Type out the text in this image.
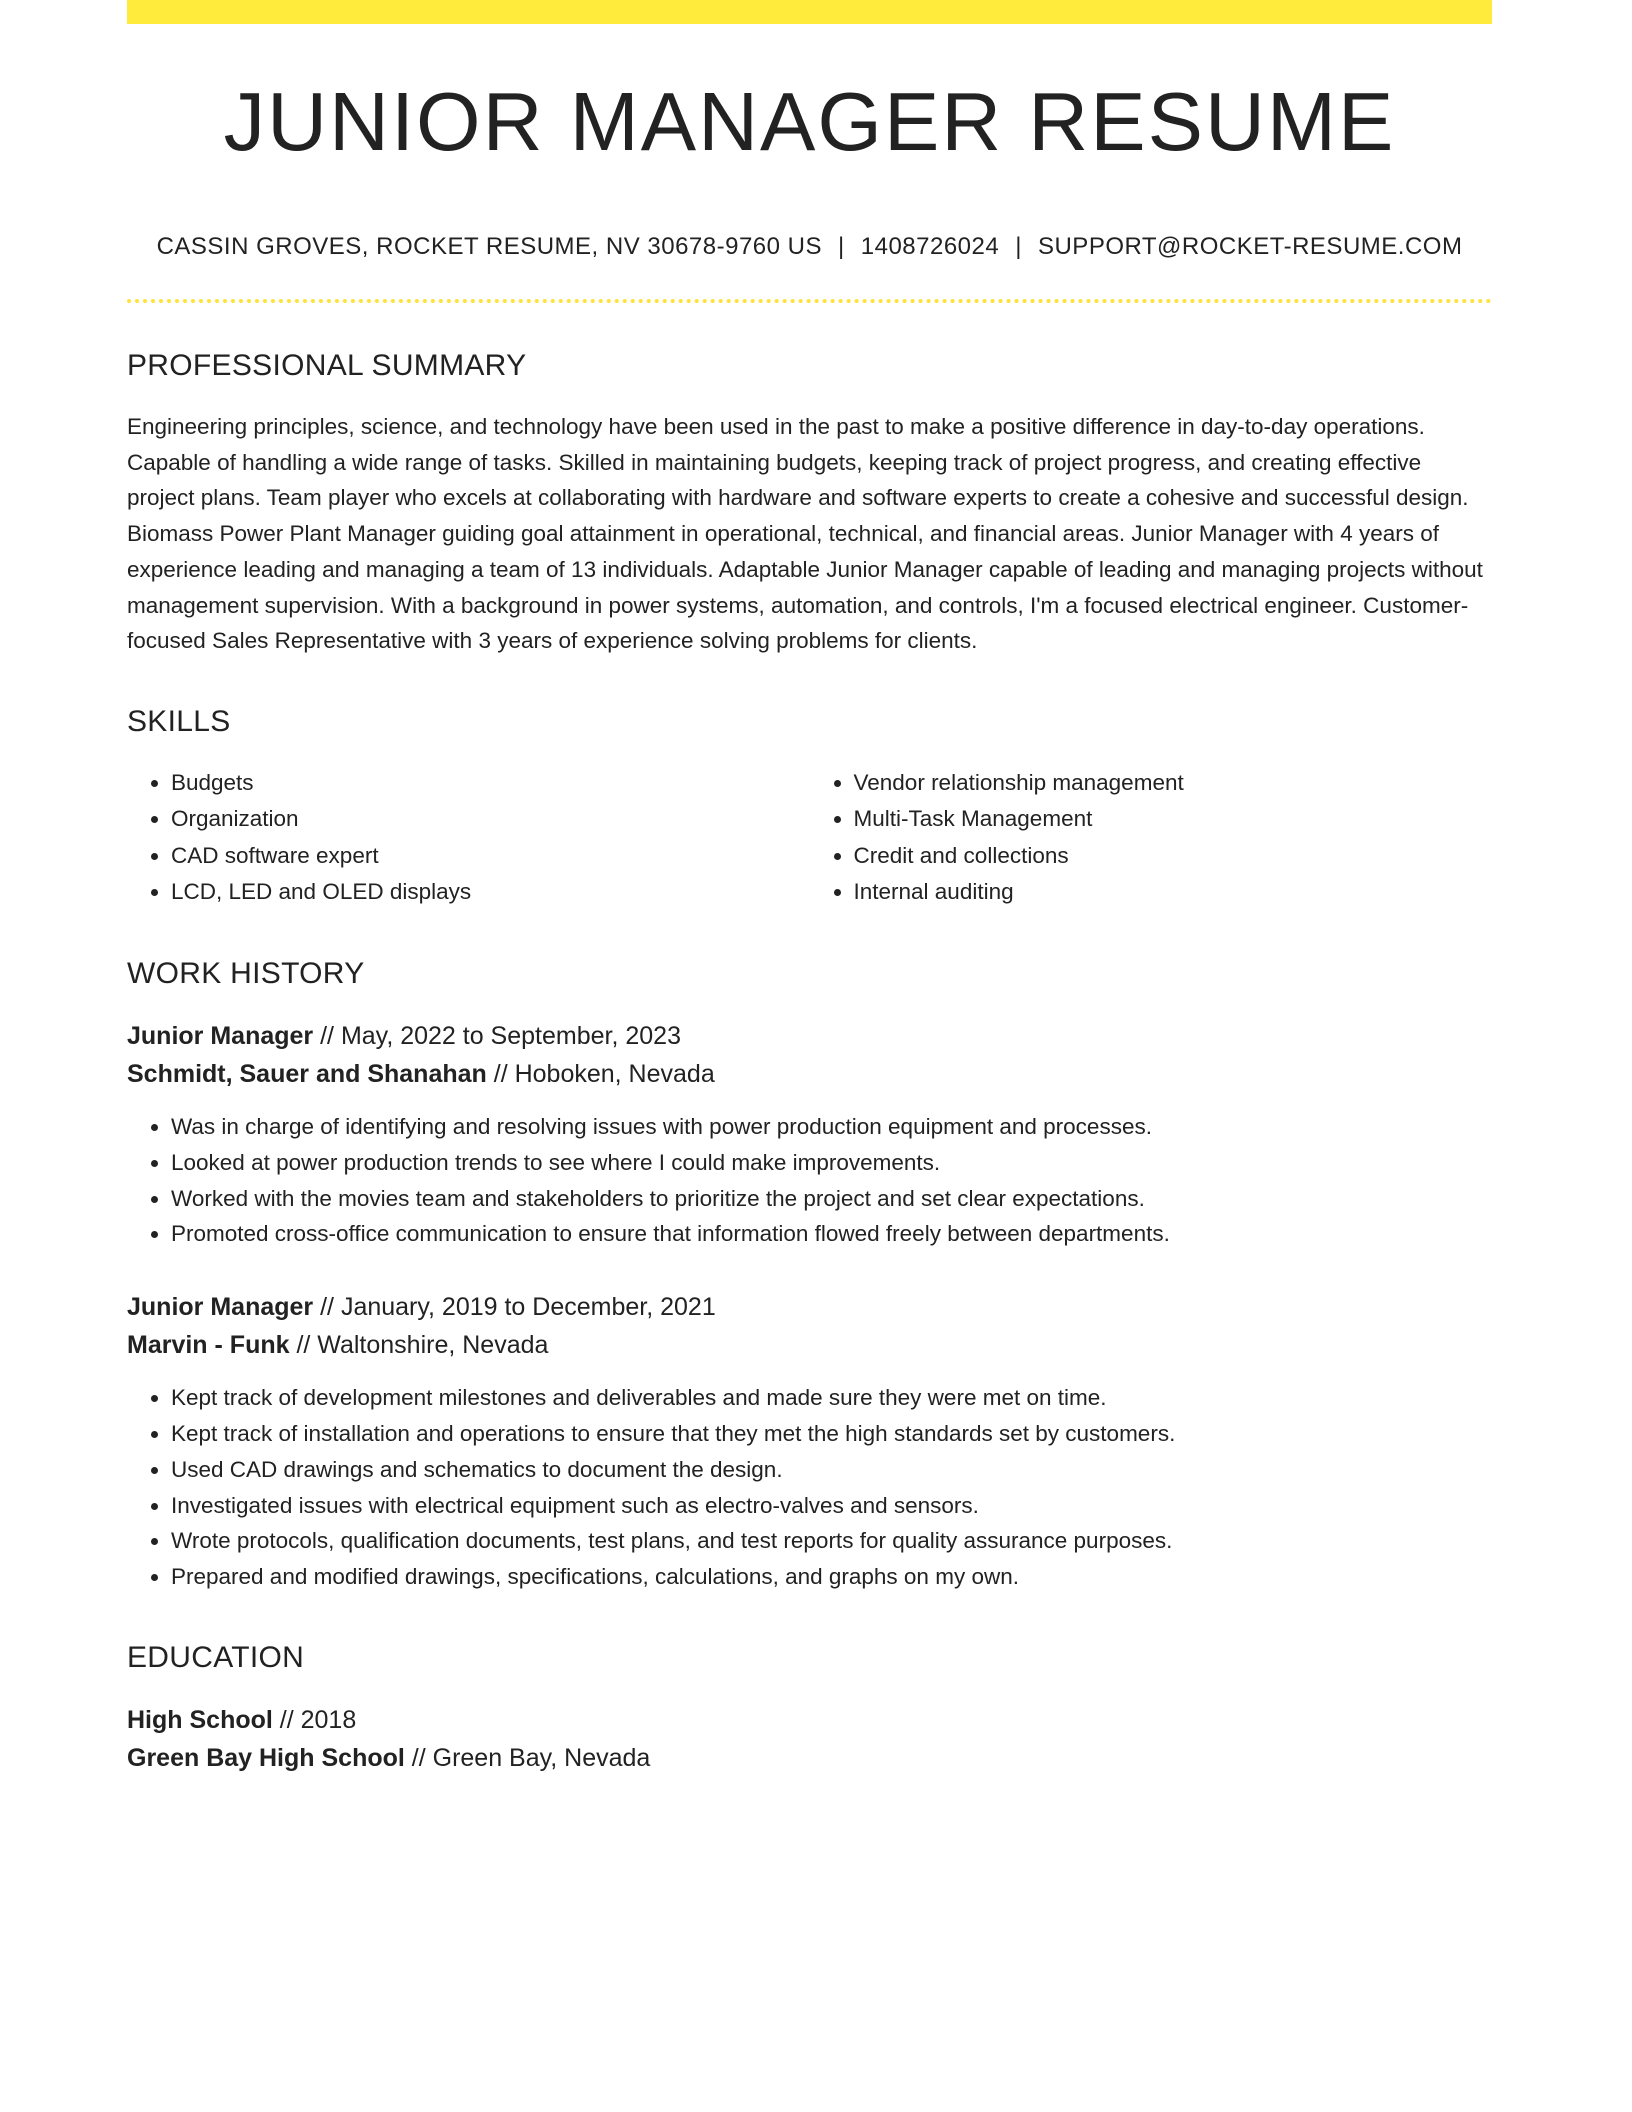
JUNIOR MANAGER RESUME
CASSIN GROVES, ROCKET RESUME, NV 30678-9760 US | 1408726024 | SUPPORT@ROCKET-RESUME.COM
PROFESSIONAL SUMMARY

Engineering principles, science, and technology have been used in the past to make a positive difference in day-to-day operations. Capable of handling a wide range of tasks. Skilled in maintaining budgets, keeping track of project progress, and creating effective project plans. Team player who excels at collaborating with hardware and software experts to create a cohesive and successful design. Biomass Power Plant Manager guiding goal attainment in operational, technical, and financial areas. Junior Manager with 4 years of experience leading and managing a team of 13 individuals. Adaptable Junior Manager capable of leading and managing projects without management supervision. With a background in power systems, automation, and controls, I'm a focused electrical engineer. Customer-focused Sales Representative with 3 years of experience solving problems for clients.

SKILLS
• Budgets
• Organization
• CAD software expert
• LCD, LED and OLED displays
• Vendor relationship management
• Multi-Task Management
• Credit and collections
• Internal auditing
WORK HISTORY
Junior Manager // May, 2022 to September, 2023
Schmidt, Sauer and Shanahan // Hoboken, Nevada
• Was in charge of identifying and resolving issues with power production equipment and processes.
• Looked at power production trends to see where I could make improvements.
• Worked with the movies team and stakeholders to prioritize the project and set clear expectations.
• Promoted cross-office communication to ensure that information flowed freely between departments.
Junior Manager // January, 2019 to December, 2021
Marvin - Funk // Waltonshire, Nevada
• Kept track of development milestones and deliverables and made sure they were met on time.
• Kept track of installation and operations to ensure that they met the high standards set by customers.
• Used CAD drawings and schematics to document the design.
• Investigated issues with electrical equipment such as electro-valves and sensors.
• Wrote protocols, qualification documents, test plans, and test reports for quality assurance purposes.
• Prepared and modified drawings, specifications, calculations, and graphs on my own.
EDUCATION
High School // 2018
Green Bay High School // Green Bay, Nevada
